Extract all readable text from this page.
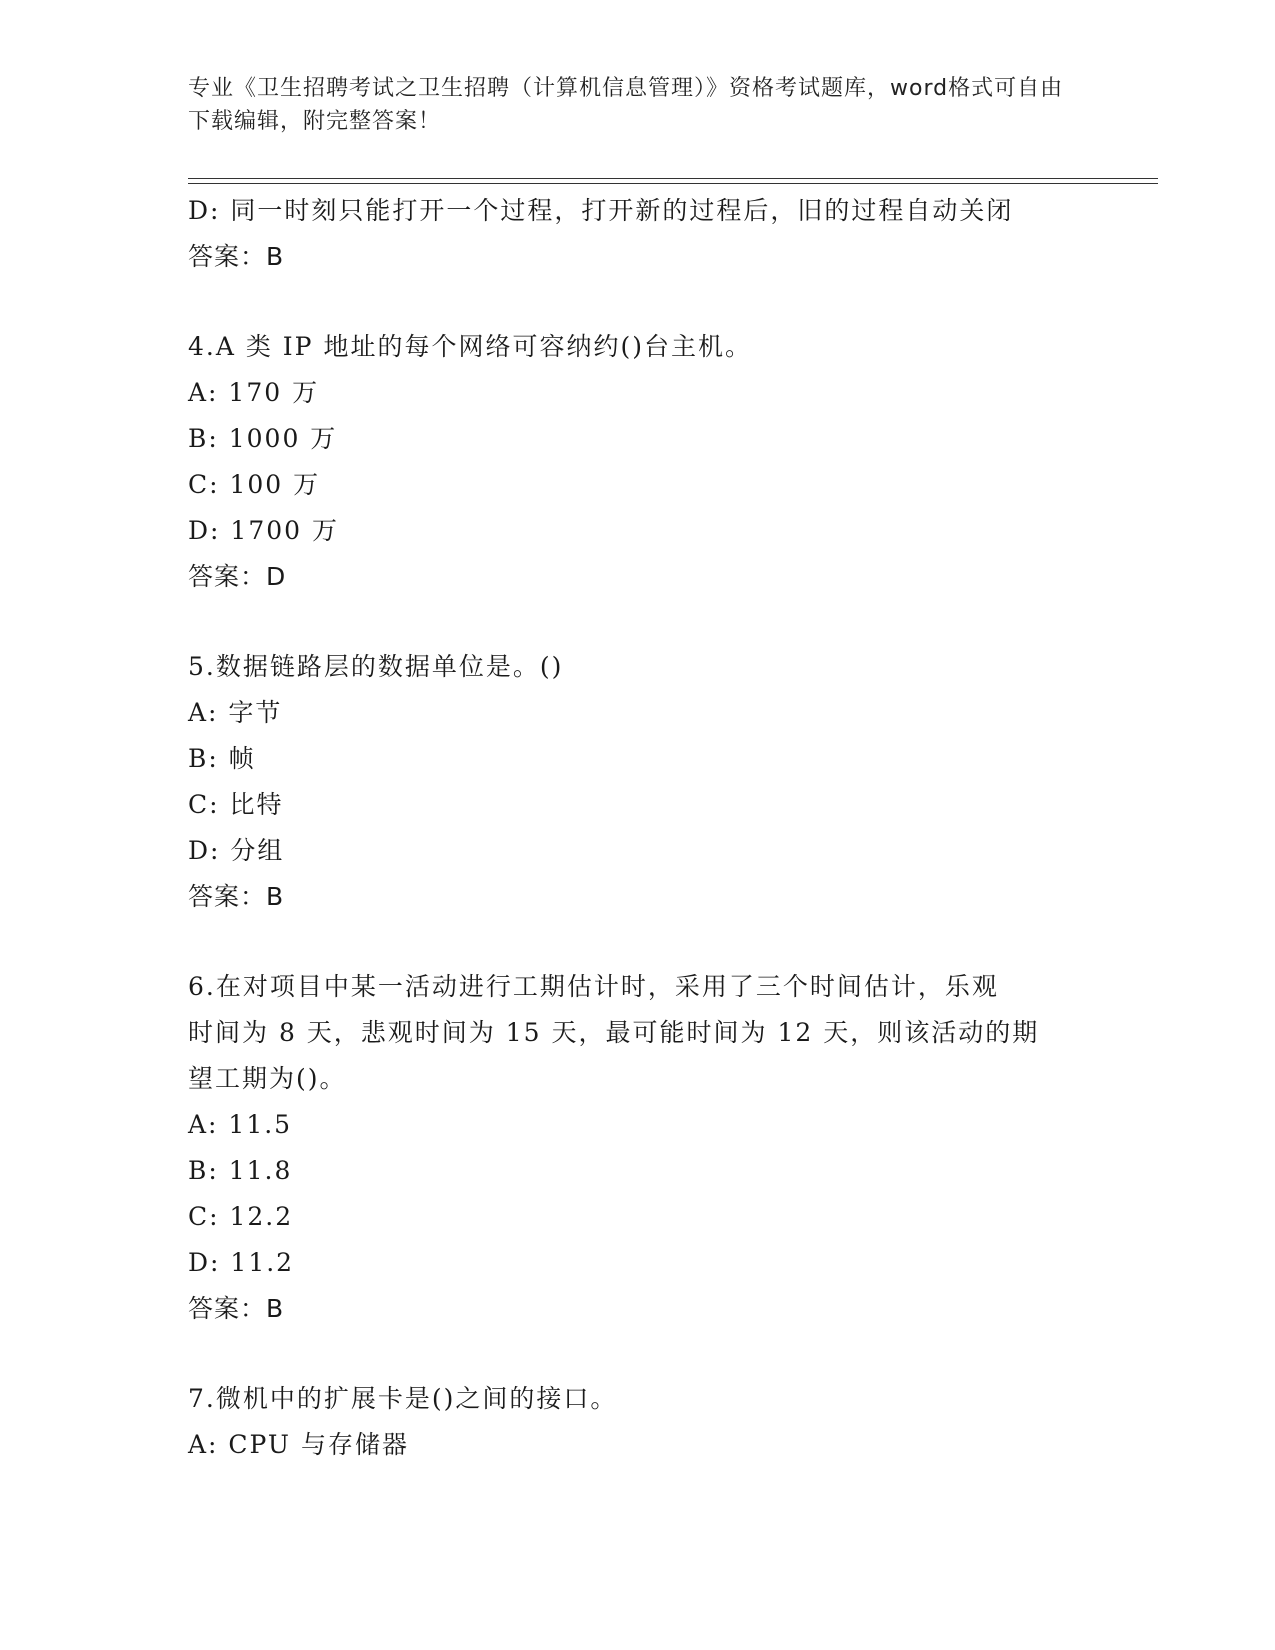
专业《卫生招聘考试之卫生招聘（计算机信息管理）》资格考试题库，word格式可自由下载编辑，附完整答案！
D: 同一时刻只能打开一个过程，打开新的过程后，旧的过程自动关闭
答案：B
4.A 类 IP 地址的每个网络可容纳约()台主机。
A: 170 万
B: 1000 万
C: 100 万
D: 1700 万
答案：D
5.数据链路层的数据单位是。()
A: 字节
B: 帧
C: 比特
D: 分组
答案：B
6.在对项目中某一活动进行工期估计时，采用了三个时间估计，乐观
时间为 8 天，悲观时间为 15 天，最可能时间为 12 天，则该活动的期
望工期为()。
A: 11.5
B: 11.8
C: 12.2
D: 11.2
答案：B
7.微机中的扩展卡是()之间的接口。
A: CPU 与存储器
